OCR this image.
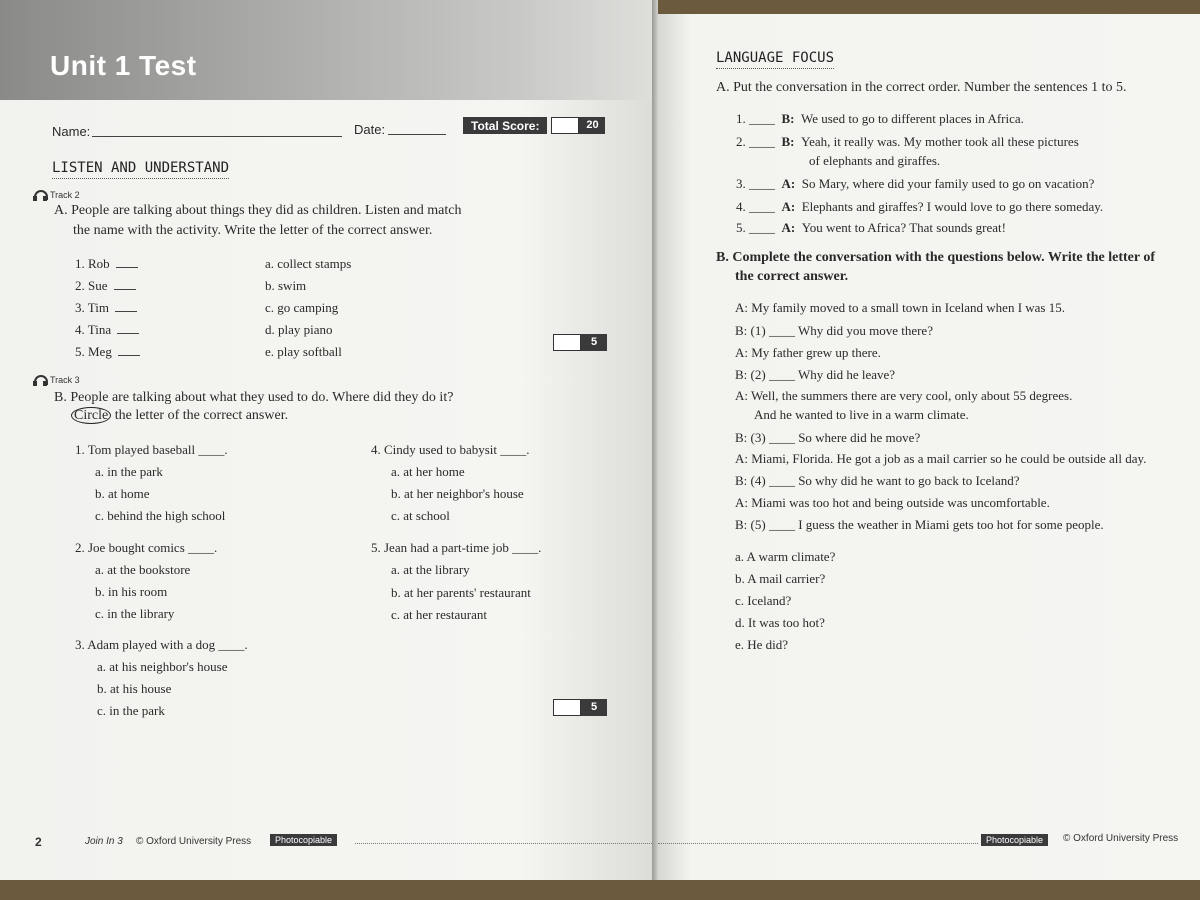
Unit 1 Test
Name:	Date:	Total Score:	20
LISTEN AND UNDERSTAND
Track 2
A. People are talking about things they did as children. Listen and match
the name with the activity. Write the letter of the correct answer.
1. Rob
2. Sue
3. Tim
4. Tina
5. Meg
a. collect stamps
b. swim
c. go camping
d. play piano
e. play softball
5
Track 3
B. People are talking about what they used to do. Where did they do it?
Circle the letter of the correct answer.
1. Tom played baseball ____.
a. in the park
b. at home
c. behind the high school
2. Joe bought comics ____.
a. at the bookstore
b. in his room
c. in the library
3. Adam played with a dog ____.
a. at his neighbor's house
b. at his house
c. in the park
4. Cindy used to babysit ____.
a. at her home
b. at her neighbor's house
c. at school
5. Jean had a part-time job ____.
a. at the library
b. at her parents' restaurant
c. at her restaurant
5
2	Join In 3 © Oxford University Press	Photocopiable
LANGUAGE FOCUS
A. Put the conversation in the correct order. Number the sentences 1 to 5.
1. ____ B: We used to go to different places in Africa.
2. ____ B: Yeah, it really was. My mother took all these pictures
of elephants and giraffes.
3. ____ A: So Mary, where did your family used to go on vacation?
4. ____ A: Elephants and giraffes? I would love to go there someday.
5. ____ A: You went to Africa? That sounds great!
B. Complete the conversation with the questions below. Write the letter of
the correct answer.
A: My family moved to a small town in Iceland when I was 15.
B: (1) ____ Why did you move there?
A: My father grew up there.
B: (2) ____ Why did he leave?
A: Well, the summers there are very cool, only about 55 degrees.
And he wanted to live in a warm climate.
B: (3) ____ So where did he move?
A: Miami, Florida. He got a job as a mail carrier so he could be outside all day.
B: (4) ____ So why did he want to go back to Iceland?
A: Miami was too hot and being outside was uncomfortable.
B: (5) ____ I guess the weather in Miami gets too hot for some people.
a. A warm climate?
b. A mail carrier?
c. Iceland?
d. It was too hot?
e. He did?
Photocopiable	© Oxford University Press
